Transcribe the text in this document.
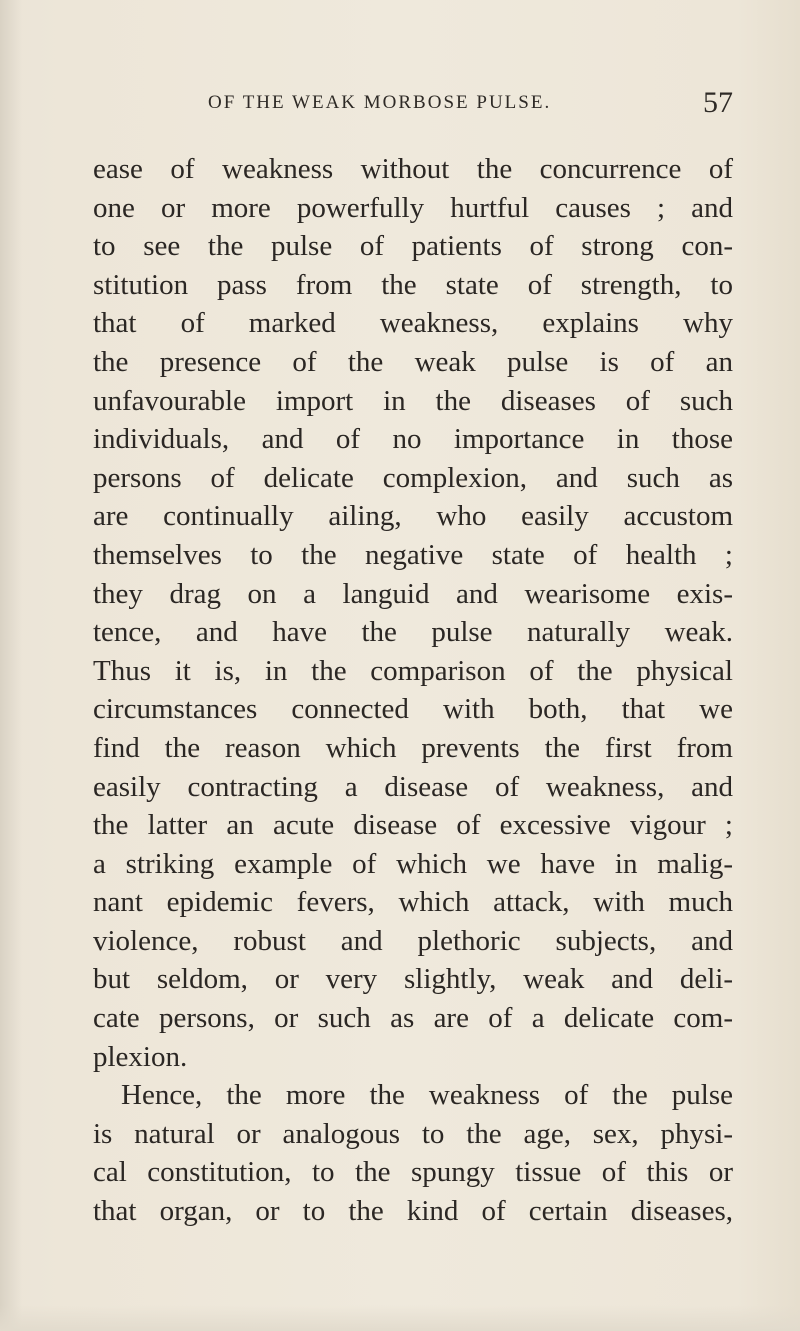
OF THE WEAK MORBOSE PULSE.	57
ease of weakness without the concurrence of
one or more powerfully hurtful causes ; and
to see the pulse of patients of strong con-
stitution pass from the state of strength, to
that of marked weakness, explains why
the presence of the weak pulse is of an
unfavourable import in the diseases of such
individuals, and of no importance in those
persons of delicate complexion, and such as
are continually ailing, who easily accustom
themselves to the negative state of health ;
they drag on a languid and wearisome exis-
tence, and have the pulse naturally weak.
Thus it is, in the comparison of the physical
circumstances connected with both, that we
find the reason which prevents the first from
easily contracting a disease of weakness, and
the latter an acute disease of excessive vigour ;
a striking example of which we have in malig-
nant epidemic fevers, which attack, with much
violence, robust and plethoric subjects, and
but seldom, or very slightly, weak and deli-
cate persons, or such as are of a delicate com-
plexion.
Hence, the more the weakness of the pulse
is natural or analogous to the age, sex, physi-
cal constitution, to the spungy tissue of this or
that organ, or to the kind of certain diseases,
